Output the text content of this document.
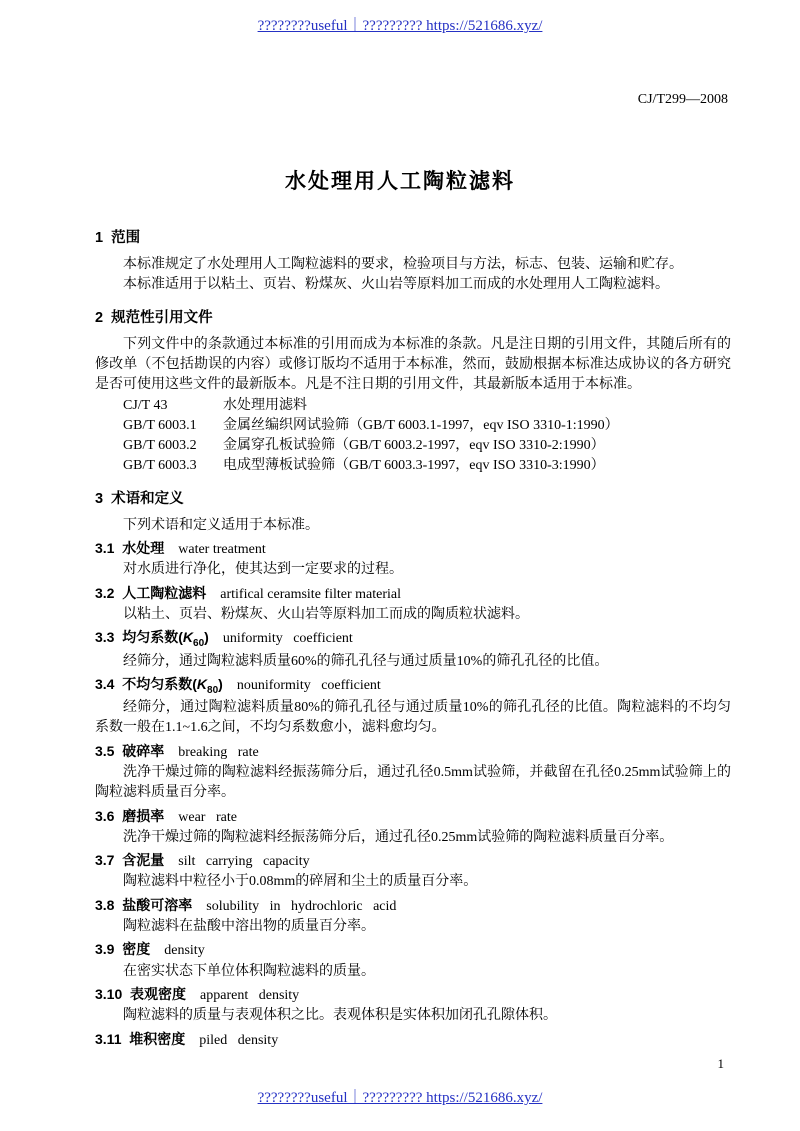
????????useful｜????????? https://521686.xyz/
CJ/T299—2008
水处理用人工陶粒滤料
1  范围
本标准规定了水处理用人工陶粒滤料的要求，检验项目与方法，标志、包装、运输和贮存。
本标准适用于以粘土、页岩、粉煤灰、火山岩等原料加工而成的水处理用人工陶粒滤料。
2  规范性引用文件
下列文件中的条款通过本标准的引用而成为本标准的条款。凡是注日期的引用文件，其随后所有的修改单（不包括勘误的内容）或修订版均不适用于本标准，然而，鼓励根据本标准达成协议的各方研究是否可使用这些文件的最新版本。凡是不注日期的引用文件，其最新版本适用于本标准。
CJ/T 43	水处理用滤料
GB/T 6003.1	金属丝编织网试验筛（GB/T 6003.1-1997，eqv ISO 3310-1:1990）
GB/T 6003.2	金属穿孔板试验筛（GB/T 6003.2-1997，eqv ISO 3310-2:1990）
GB/T 6003.3	电成型薄板试验筛（GB/T 6003.3-1997，eqv ISO 3310-3:1990）
3  术语和定义
下列术语和定义适用于本标准。
3.1  水处理 water treatment
对水质进行净化，使其达到一定要求的过程。
3.2  人工陶粒滤料 artifical ceramsite filter material
以粘土、页岩、粉煤灰、火山岩等原料加工而成的陶质粒状滤料。
3.3  均匀系数$(K_{60})$ uniformity   coefficient
经筛分，通过陶粒滤料质量60%的筛孔孔径与通过质量10%的筛孔孔径的比值。
3.4  不均匀系数$(K_{80})$ nouniformity   coefficient
经筛分，通过陶粒滤料质量80%的筛孔孔径与通过质量10%的筛孔孔径的比值。陶粒滤料的不均匀系数一般在1.1~1.6之间，不均匀系数愈小，滤料愈均匀。
3.5  破碎率 breaking   rate
洗净干燥过筛的陶粒滤料经振荡筛分后，通过孔径0.5mm试验筛，并截留在孔径0.25mm试验筛上的陶粒滤料质量百分率。
3.6  磨损率 wear   rate
洗净干燥过筛的陶粒滤料经振荡筛分后，通过孔径0.25mm试验筛的陶粒滤料质量百分率。
3.7  含泥量 silt   carrying   capacity
陶粒滤料中粒径小于0.08mm的碎屑和尘土的质量百分率。
3.8  盐酸可溶率 solubility   in   hydrochloric   acid
陶粒滤料在盐酸中溶出物的质量百分率。
3.9  密度 density
在密实状态下单位体积陶粒滤料的质量。
3.10  表观密度 apparent   density
陶粒滤料的质量与表观体积之比。表观体积是实体积加闭孔孔隙体积。
3.11  堆积密度 piled   density
1
????????useful｜????????? https://521686.xyz/
